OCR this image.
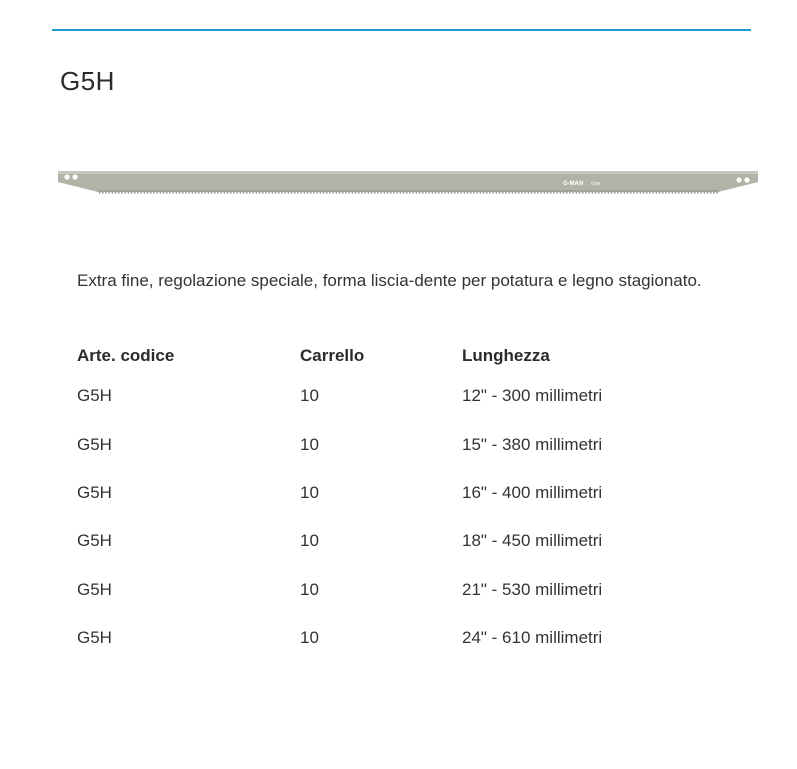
G5H
G-MAN G5H

Extra fine, regolazione speciale, forma liscia-dente per potatura e legno stagionato.

Arte. codice	Carrello	Lunghezza
G5H	10	12" - 300 millimetri
G5H	10	15" - 380 millimetri
G5H	10	16" - 400 millimetri
G5H	10	18" - 450 millimetri
G5H	10	21" - 530 millimetri
G5H	10	24" - 610 millimetri
